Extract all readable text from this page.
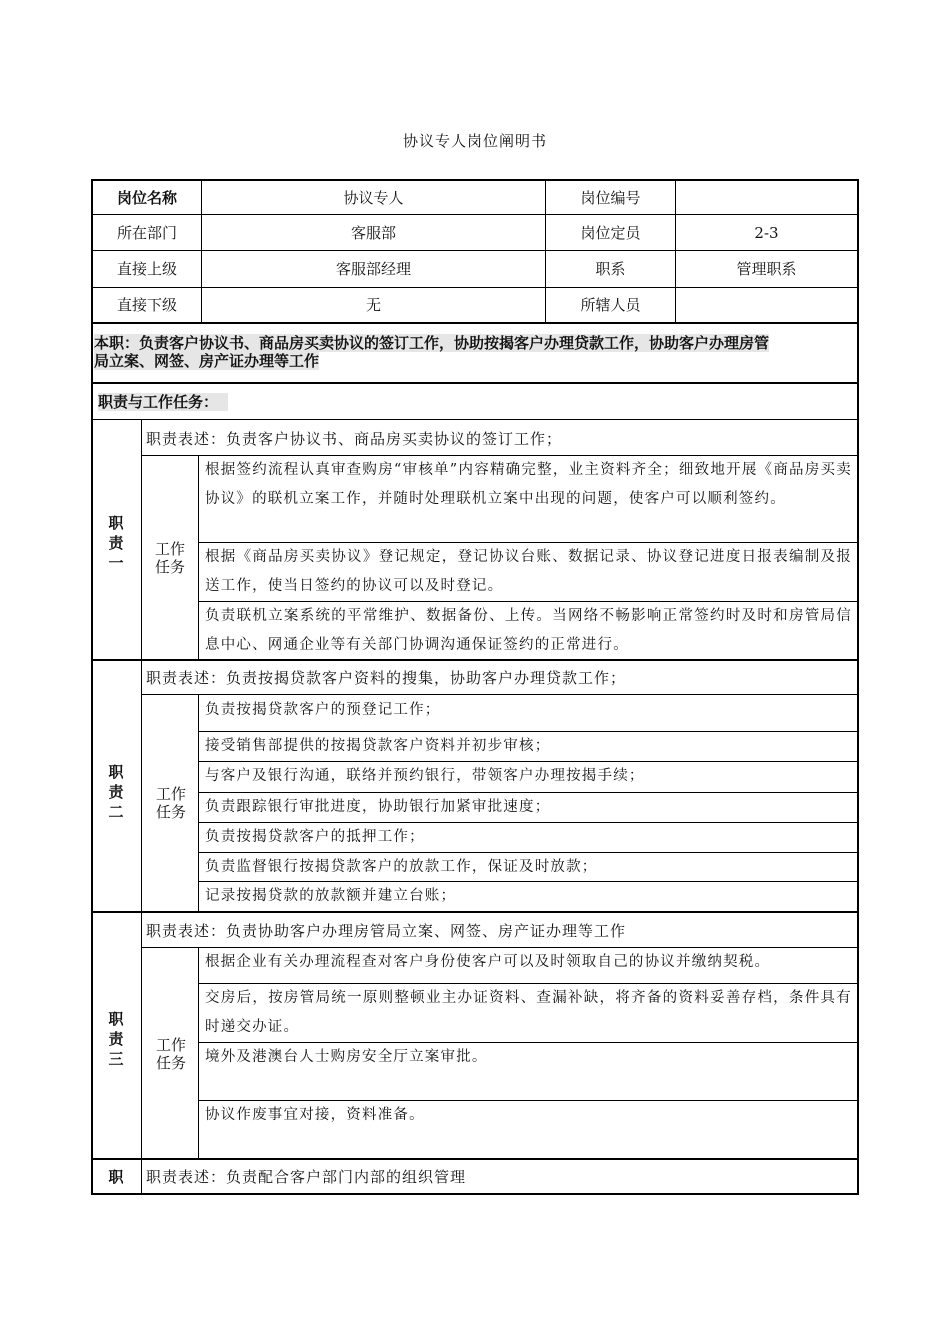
协议专人岗位阐明书
岗位名称	协议专人	岗位编号
所在部门	客服部	岗位定员	2-3
直接上级	客服部经理	职系	管理职系
直接下级	无	所辖人员
本职：负责客户协议书、商品房买卖协议的签订工作，协助按揭客户办理贷款工作，协助客户办理房管
局立案、网签、房产证办理等工作
职责与工作任务：

职
责
一
职责表述：负责客户协议书、商品房买卖协议的签订工作；
工作
任务
根据签约流程认真审查购房“审核单”内容精确完整，业主资料齐全；细致地开展《商品房买卖协议》的联机立案工作，并随时处理联机立案中出现的问题，使客户可以顺利签约。
根据《商品房买卖协议》登记规定，登记协议台账、数据记录、协议登记进度日报表编制及报送工作，使当日签约的协议可以及时登记。
负责联机立案系统的平常维护、数据备份、上传。当网络不畅影响正常签约时及时和房管局信息中心、网通企业等有关部门协调沟通保证签约的正常进行。
职
责
二
职责表述：负责按揭贷款客户资料的搜集，协助客户办理贷款工作；
工作
任务
负责按揭贷款客户的预登记工作；
接受销售部提供的按揭贷款客户资料并初步审核；
与客户及银行沟通，联络并预约银行，带领客户办理按揭手续；
负责跟踪银行审批进度，协助银行加紧审批速度；
负责按揭贷款客户的抵押工作；
负责监督银行按揭贷款客户的放款工作，保证及时放款；
记录按揭贷款的放款额并建立台账；
职
责
三
职责表述：负责协助客户办理房管局立案、网签、房产证办理等工作
工作
任务
根据企业有关办理流程查对客户身份使客户可以及时领取自己的协议并缴纳契税。
交房后，按房管局统一原则整顿业主办证资料、查漏补缺，将齐备的资料妥善存档，条件具有时递交办证。
境外及港澳台人士购房安全厅立案审批。
协议作废事宜对接，资料准备。
职 职责表述：负责配合客户部门内部的组织管理
